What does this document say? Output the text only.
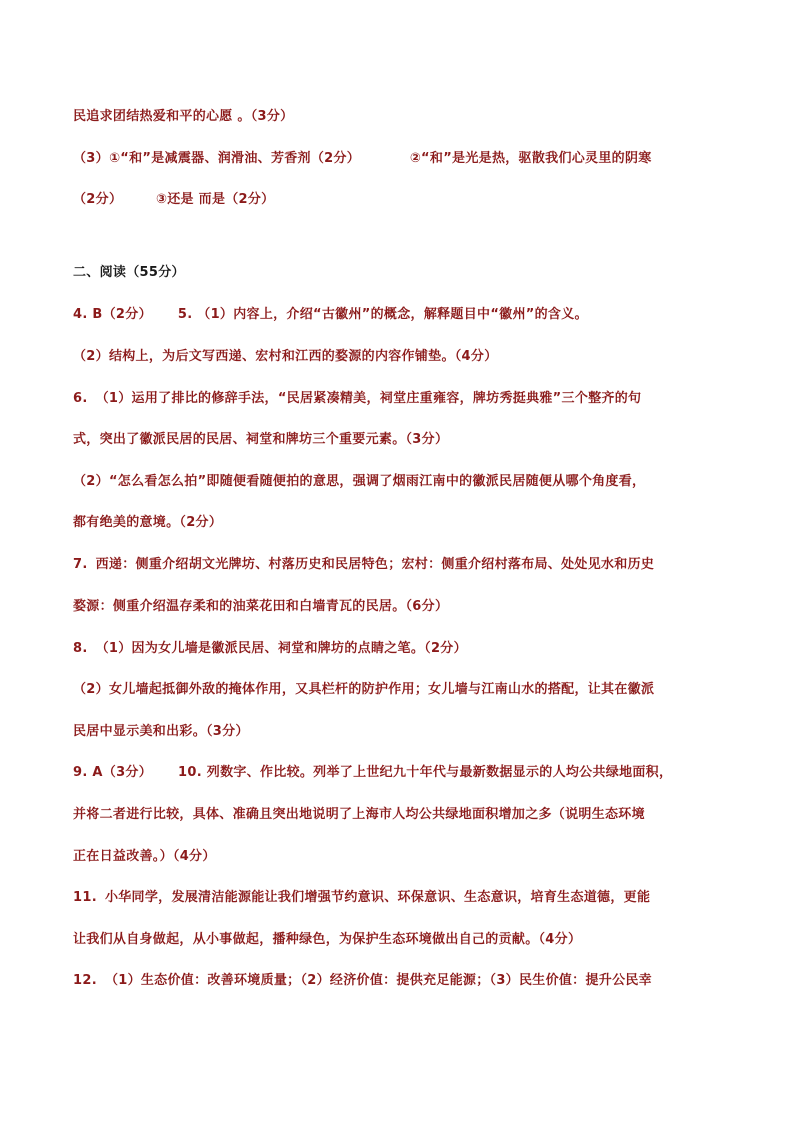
民追求团结热爱和平的心愿 。（3分）
（3）①“和”是减震器、润滑油、芳香剂（2分）	②“和”是光是热，驱散我们心灵里的阴寒
（2分）	③还是 而是（2分）
二、阅读（55分）
4. B（2分） 5. （1）内容上，介绍“古徽州”的概念，解释题目中“徽州”的含义。
（2）结构上，为后文写西递、宏村和江西的婺源的内容作铺垫。（4分）
6. （1）运用了排比的修辞手法，“民居紧凑精美，祠堂庄重雍容，牌坊秀挺典雅”三个整齐的句
式，突出了徽派民居的民居、祠堂和牌坊三个重要元素。（3分）
（2）“怎么看怎么拍”即随便看随便拍的意思，强调了烟雨江南中的徽派民居随便从哪个角度看，
都有绝美的意境。（2分）
7. 西递：侧重介绍胡文光牌坊、村落历史和民居特色；宏村：侧重介绍村落布局、处处见水和历史
婺源：侧重介绍温存柔和的油菜花田和白墙青瓦的民居。（6分）
8. （1）因为女儿墙是徽派民居、祠堂和牌坊的点睛之笔。（2分）
（2）女儿墙起抵御外敌的掩体作用，又具栏杆的防护作用；女儿墙与江南山水的搭配，让其在徽派
民居中显示美和出彩。（3分）
9. A（3分） 10. 列数字、作比较。列举了上世纪九十年代与最新数据显示的人均公共绿地面积，
并将二者进行比较，具体、准确且突出地说明了上海市人均公共绿地面积增加之多（说明生态环境
正在日益改善。）（4分）
11. 小华同学，发展清洁能源能让我们增强节约意识、环保意识、生态意识，培育生态道德，更能
让我们从自身做起，从小事做起，播种绿色，为保护生态环境做出自己的贡献。（4分）
12. （1）生态价值：改善环境质量；（2）经济价值：提供充足能源；（3）民生价值：提升公民幸
